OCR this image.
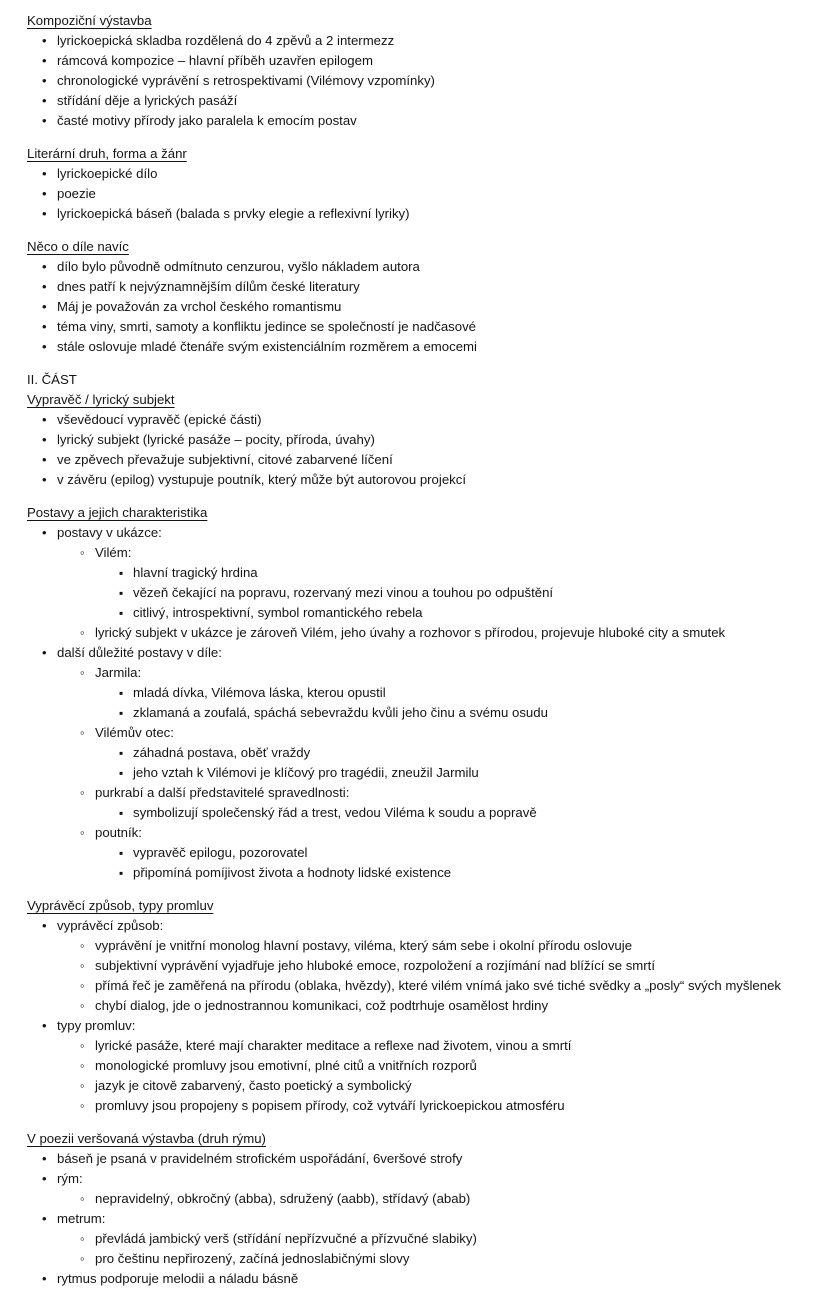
Kompoziční výstavba
• lyrickoepická skladba rozdělená do 4 zpěvů a 2 intermezz
• rámcová kompozice – hlavní příběh uzavřen epilogem
• chronologické vyprávění s retrospektivami (Vilémovy vzpomínky)
• střídání děje a lyrických pasáží
• časté motivy přírody jako paralela k emocím postav
Literární druh, forma a žánr
• lyrickoepické dílo
• poezie
• lyrickoepická báseň (balada s prvky elegie a reflexivní lyriky)
Něco o díle navíc
• dílo bylo původně odmítnuto cenzurou, vyšlo nákladem autora
• dnes patří k nejvýznamnějším dílům české literatury
• Máj je považován za vrchol českého romantismu
• téma viny, smrti, samoty a konfliktu jedince se společností je nadčasové
• stále oslovuje mladé čtenáře svým existenciálním rozměrem a emocemi
II. ČÁST
Vypravěč / lyrický subjekt
• vševědoucí vypravěč (epické části)
• lyrický subjekt (lyrické pasáže – pocity, příroda, úvahy)
• ve zpěvech převažuje subjektivní, citové zabarvené líčení
• v závěru (epilog) vystupuje poutník, který může být autorovou projekcí
Postavy a jejich charakteristika
• postavy v ukázce:
◦ Vilém:
▪ hlavní tragický hrdina
▪ vězeň čekající na popravu, rozervaný mezi vinou a touhou po odpuštění
▪ citlivý, introspektivní, symbol romantického rebela
◦ lyrický subjekt v ukázce je zároveň Vilém, jeho úvahy a rozhovor s přírodou, projevuje hluboké city a smutek
• další důležité postavy v díle:
◦ Jarmila:
▪ mladá dívka, Vilémova láska, kterou opustil
▪ zklamaná a zoufalá, spáchá sebevraždu kvůli jeho činu a svému osudu
◦ Vilémův otec:
▪ záhadná postava, oběť vraždy
▪ jeho vztah k Vilémovi je klíčový pro tragédii, zneužil Jarmilu
◦ purkrabí a další představitelé spravedlnosti:
▪ symbolizují společenský řád a trest, vedou Viléma k soudu a popravě
◦ poutník:
▪ vypravěč epilogu, pozorovatel
▪ připomíná pomíjivost života a hodnoty lidské existence
Vyprávěcí způsob, typy promluv
• vyprávěcí způsob:
◦ vyprávění je vnitřní monolog hlavní postavy, viléma, který sám sebe i okolní přírodu oslovuje
◦ subjektivní vyprávění vyjadřuje jeho hluboké emoce, rozpoložení a rozjímání nad blížící se smrtí
◦ přímá řeč je zaměřená na přírodu (oblaka, hvězdy), které vilém vnímá jako své tiché svědky a „posly“ svých myšlenek
◦ chybí dialog, jde o jednostrannou komunikaci, což podtrhuje osamělost hrdiny
• typy promluv:
◦ lyrické pasáže, které mají charakter meditace a reflexe nad životem, vinou a smrtí
◦ monologické promluvy jsou emotivní, plné citů a vnitřních rozporů
◦ jazyk je citově zabarvený, často poetický a symbolický
◦ promluvy jsou propojeny s popisem přírody, což vytváří lyrickoepickou atmosféru
V poezii veršovaná výstavba (druh rýmu)
• báseň je psaná v pravidelném strofickém uspořádání, 6veršové strofy
• rým:
◦ nepravidelný, obkročný (abba), sdružený (aabb), střídavý (abab)
• metrum:
◦ převládá jambický verš (střídání nepřízvučné a přízvučné slabiky)
◦ pro češtinu nepřirozený, začíná jednoslabičnými slovy
• rytmus podporuje melodii a náladu básně
